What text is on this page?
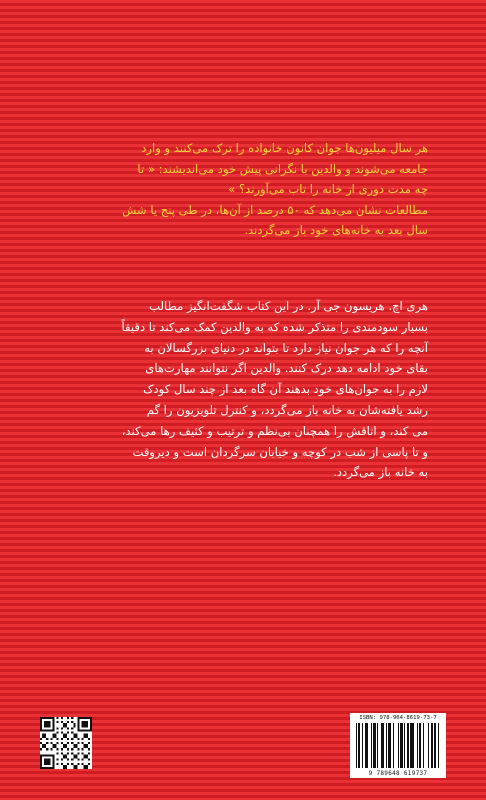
هر سال میلیون‌ها جوان کانون خانواده را ترک می‌کنند و وارد

جامعه می‌شوند و والدین با نگرانی پیش خود می‌اندیشند: « تا

چه مدت دوری از خانه را تاب می‌آورند؟ »

مطالعات نشان می‌دهد که ۵۰ درصد از آن‌ها، در طی پنج یا شش

سال بعد به خانه‌های خود باز می‌گردند.

هری اچ. هریسون جی آر. در این کتاب شگفت‌انگیز مطالب

بسیار سودمندی را متذکر شده که به والدین کمک می‌کند تا دقیقاً

آنچه را که هر جوان نیاز دارد تا بتواند در دنیای بزرگسالان به

بقای خود ادامه دهد درک کنند. والدین اگر نتوانند مهارت‌های

لازم را به جوان‌های خود بدهند آن گاه بعد از چند سال کودک

رشد یافته‌شان به خانه باز می‌گردد، و کنترل تلویزیون را گم

می کند، و اتاقش را همچنان بی‌نظم و ترتیب و کثیف رها می‌کند،

و تا پاسی از شب در کوچه و خیابان سرگردان است و دیروقت

به خانه باز می‌گردد.

ISBN: 978-964-8619-73-7
9 789648 619737
